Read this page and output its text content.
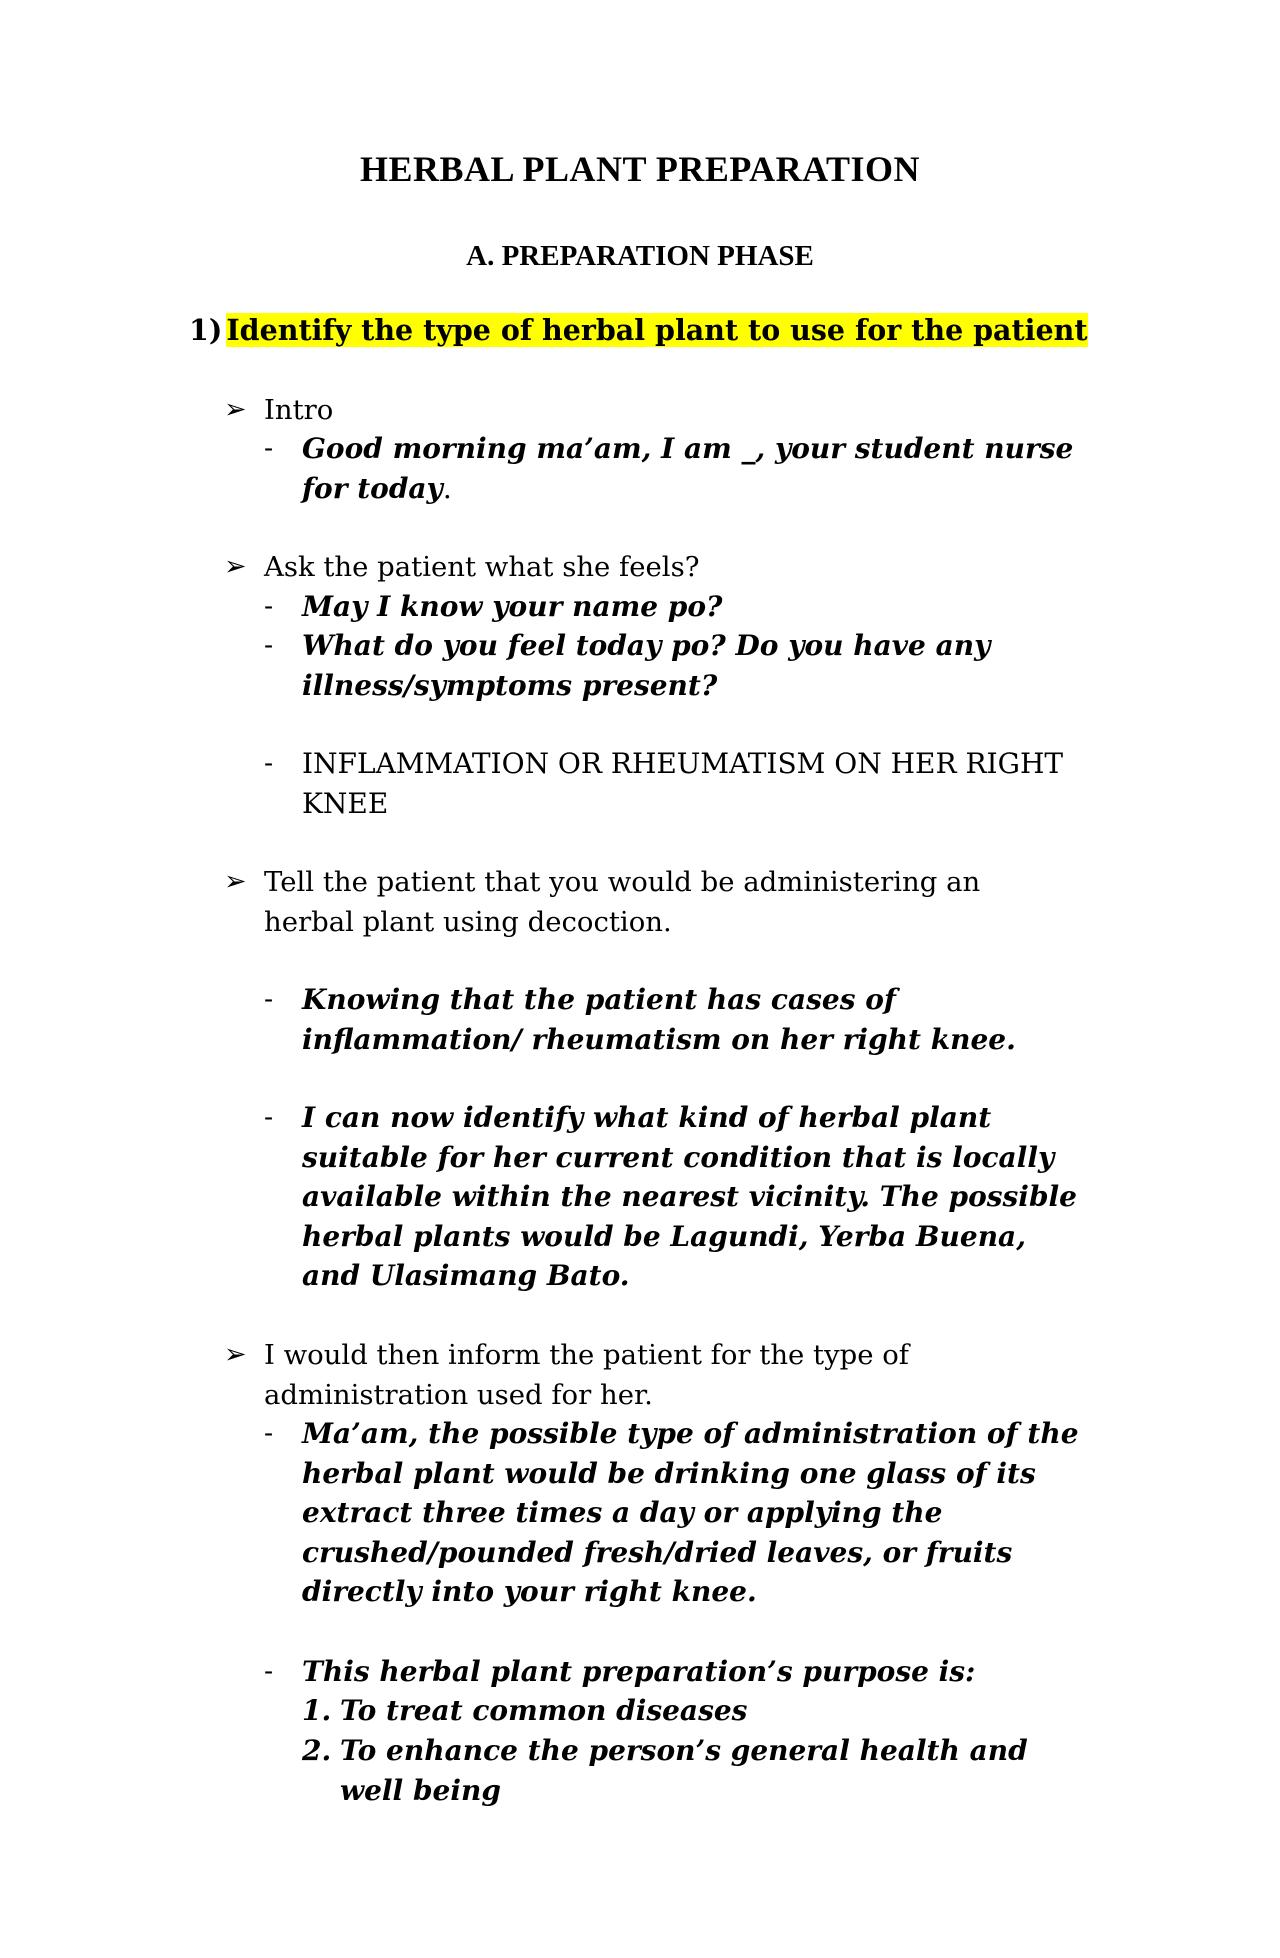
HERBAL PLANT PREPARATION
A. PREPARATION PHASE
1) Identify the type of herbal plant to use for the patient
➢ Intro
- Good morning ma’am, I am _, your student nurse
for today.
➢ Ask the patient what she feels?
- May I know your name po?
- What do you feel today po? Do you have any
illness/symptoms present?
- INFLAMMATION OR RHEUMATISM ON HER RIGHT
KNEE
➢ Tell the patient that you would be administering an
herbal plant using decoction.
- Knowing that the patient has cases of
inflammation/ rheumatism on her right knee.
- I can now identify what kind of herbal plant
suitable for her current condition that is locally
available within the nearest vicinity. The possible
herbal plants would be Lagundi, Yerba Buena,
and Ulasimang Bato.
➢ I would then inform the patient for the type of
administration used for her.
- Ma’am, the possible type of administration of the
herbal plant would be drinking one glass of its
extract three times a day or applying the
crushed/pounded fresh/dried leaves, or fruits
directly into your right knee.
- This herbal plant preparation’s purpose is:
1. To treat common diseases
2. To enhance the person’s general health and
well being
